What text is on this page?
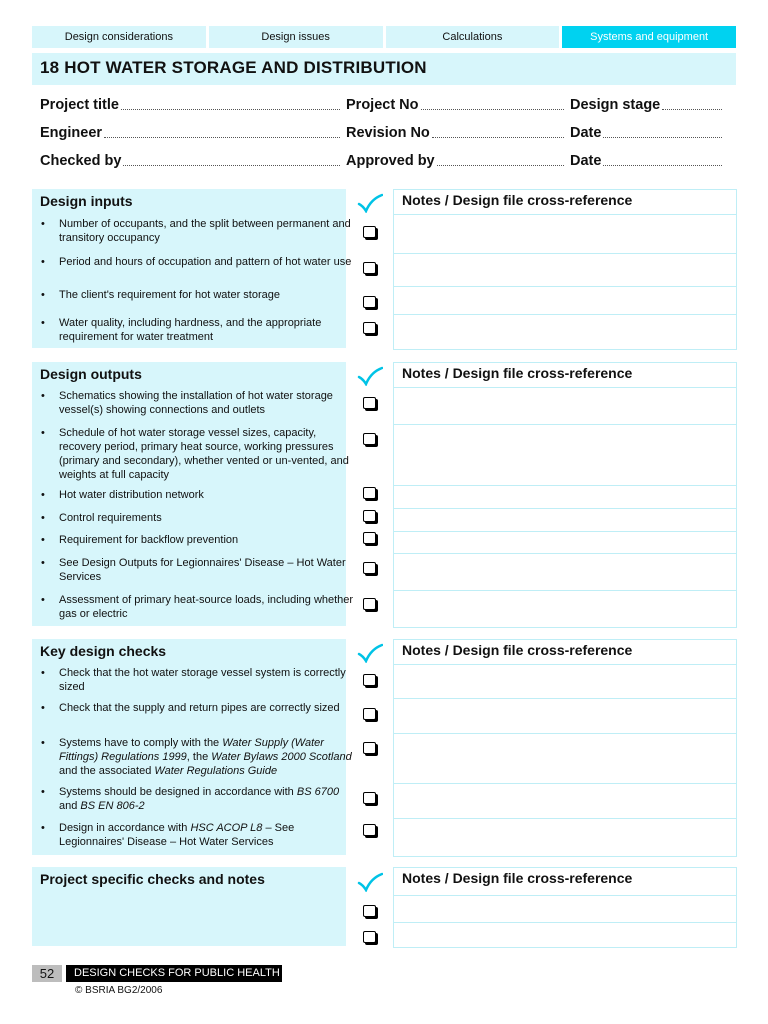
Design considerations	Design issues	Calculations	Systems and equipment
18 HOT WATER STORAGE AND DISTRIBUTION
Project title	Project No	Design stage
Engineer	Revision No	Date
Checked by	Approved by	Date
Design inputs
• Number of occupants, and the split between permanent and transitory occupancy
• Period and hours of occupation and pattern of hot water use
• The client's requirement for hot water storage
• Water quality, including hardness, and the appropriate requirement for water treatment
Notes / Design file cross-reference
Design outputs
• Schematics showing the installation of hot water storage vessel(s) showing connections and outlets
• Schedule of hot water storage vessel sizes, capacity, recovery period, primary heat source, working pressures (primary and secondary), whether vented or un-vented, and weights at full capacity
• Hot water distribution network
• Control requirements
• Requirement for backflow prevention
• See Design Outputs for Legionnaires' Disease – Hot Water Services
• Assessment of primary heat-source loads, including whether gas or electric
Notes / Design file cross-reference
Key design checks
• Check that the hot water storage vessel system is correctly sized
• Check that the supply and return pipes are correctly sized
• Systems have to comply with the Water Supply (Water Fittings) Regulations 1999, the Water Bylaws 2000 Scotland and the associated Water Regulations Guide
• Systems should be designed in accordance with BS 6700 and BS EN 806-2
• Design in accordance with HSC ACOP L8 – See Legionnaires' Disease – Hot Water Services
Notes / Design file cross-reference
Project specific checks and notes	Notes / Design file cross-reference
52	DESIGN CHECKS FOR PUBLIC HEALTH
© BSRIA BG2/2006
